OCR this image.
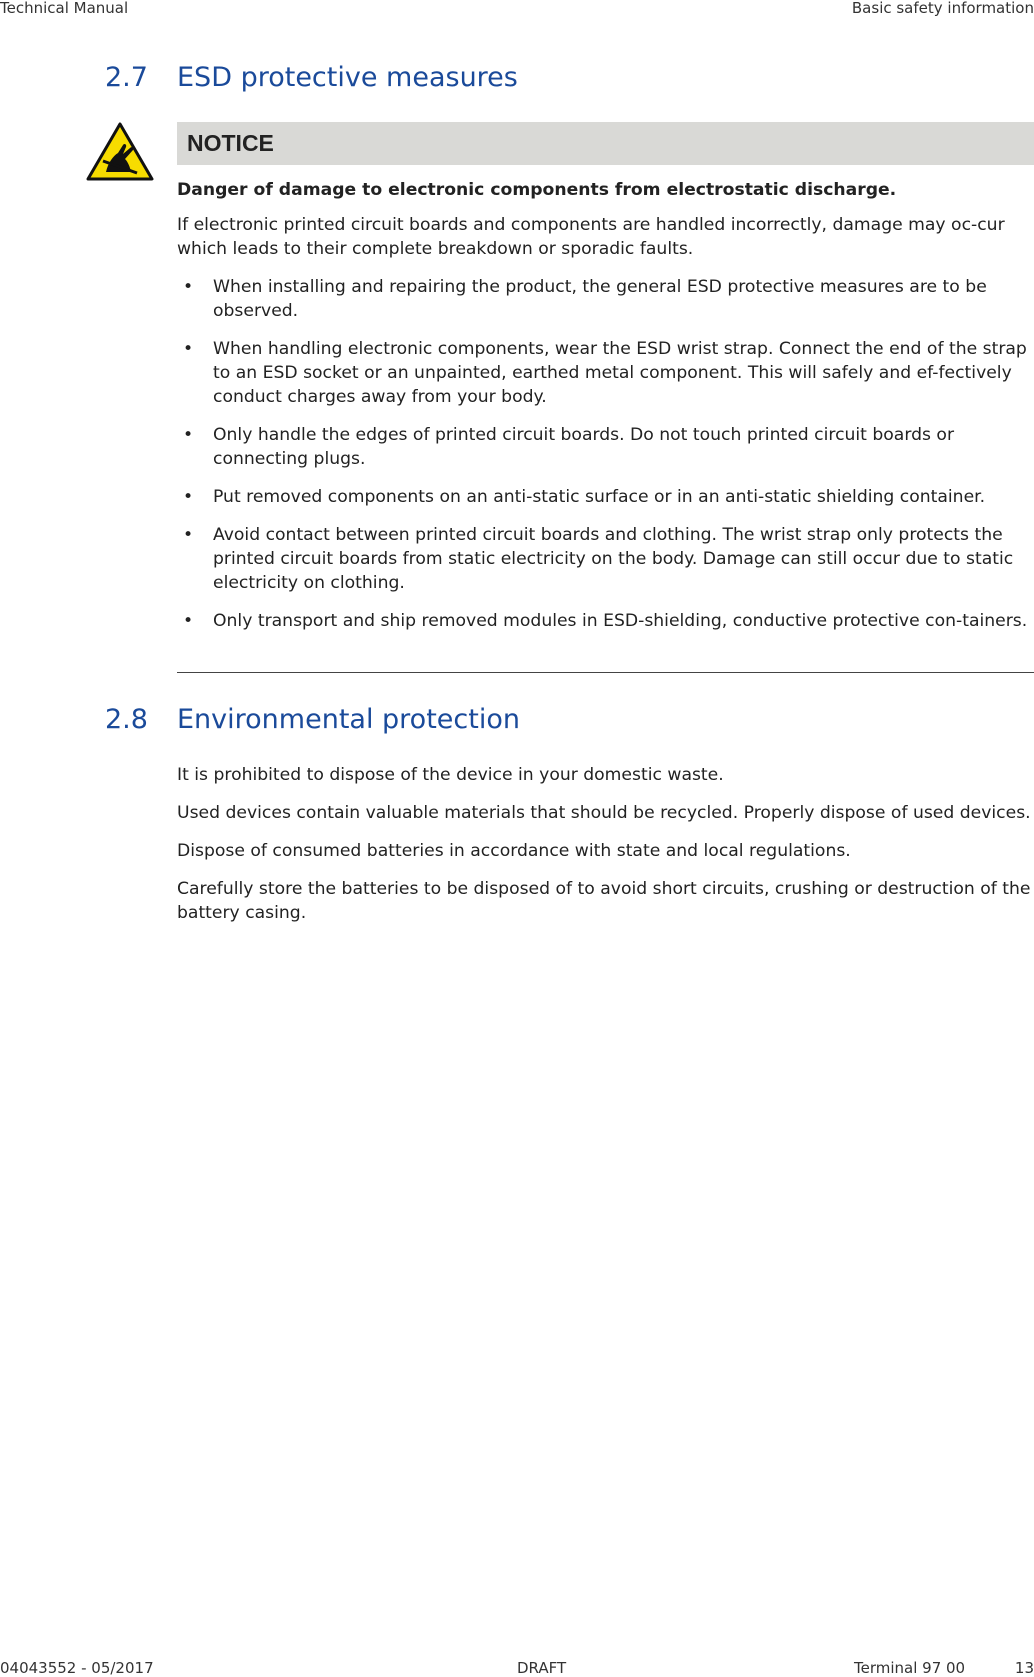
Technical Manual	Basic safety information
2.7 ESD protective measures
NOTICE

Danger of damage to electronic components from electrostatic discharge.

If electronic printed circuit boards and components are handled incorrectly, damage may oc-cur which leads to their complete breakdown or sporadic faults.

• When installing and repairing the product, the general ESD protective measures are to be observed.
• When handling electronic components, wear the ESD wrist strap. Connect the end of the strap to an ESD socket or an unpainted, earthed metal component. This will safely and ef-fectively conduct charges away from your body.
• Only handle the edges of printed circuit boards. Do not touch printed circuit boards or connecting plugs.
• Put removed components on an anti-static surface or in an anti-static shielding container.
• Avoid contact between printed circuit boards and clothing. The wrist strap only protects the printed circuit boards from static electricity on the body. Damage can still occur due to static electricity on clothing.
• Only transport and ship removed modules in ESD-shielding, conductive protective con-tainers.
2.8 Environmental protection

It is prohibited to dispose of the device in your domestic waste.

Used devices contain valuable materials that should be recycled. Properly dispose of used devices.

Dispose of consumed batteries in accordance with state and local regulations.

Carefully store the batteries to be disposed of to avoid short circuits, crushing or destruction of the battery casing.

04043552 - 05/2017	DRAFT	Terminal 97 00	13
